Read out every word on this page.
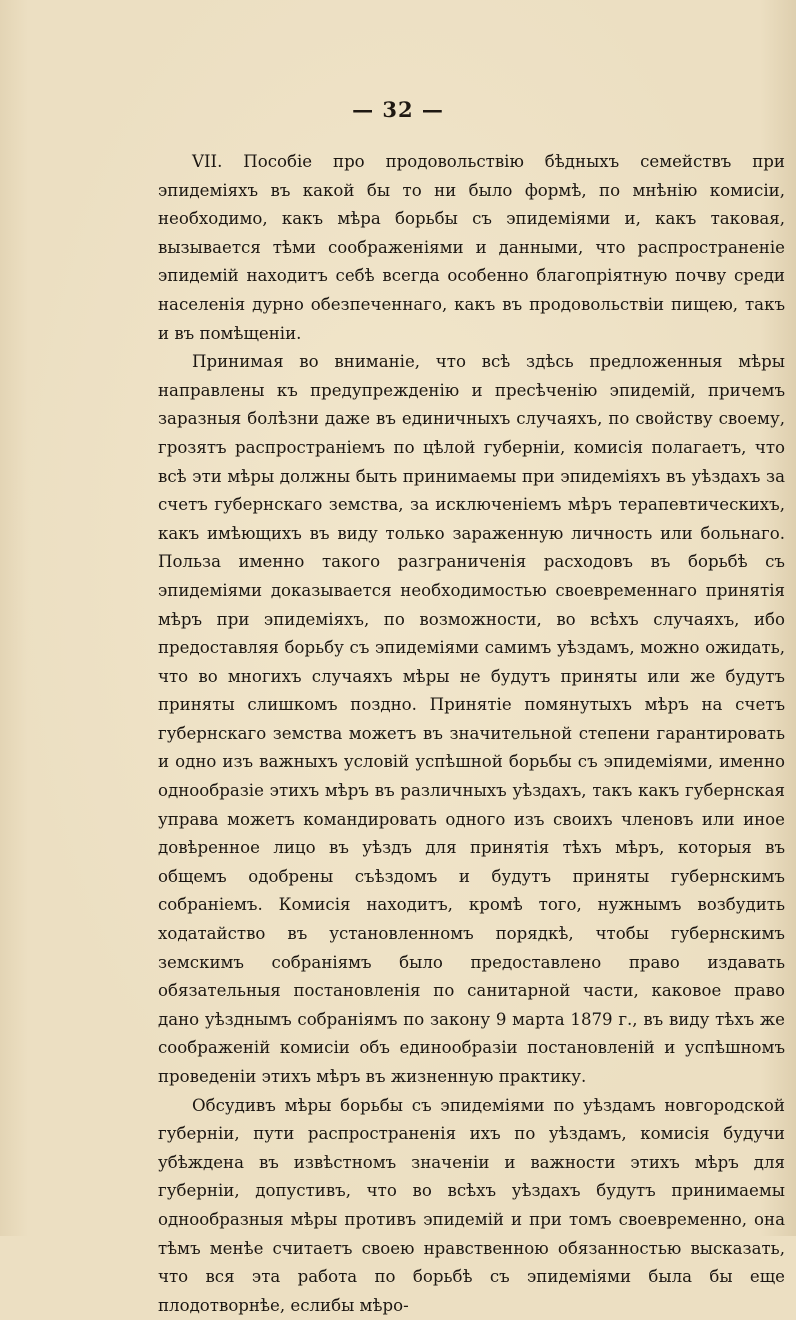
— 32 —

VII. Пособіе про продовольствію бѣдныхъ семействъ при эпидеміяхъ въ какой бы то ни было формѣ, по мнѣнію комисіи, необходимо, какъ мѣра борьбы съ эпидеміями и, какъ таковая, вызывается тѣми соображеніями и данными, что распространеніе эпидемій находитъ себѣ всегда особенно благопріятную почву среди населенія дурно обезпеченнаго, какъ въ продовольствіи пищею, такъ и въ помѣщеніи.

Принимая во вниманіе, что всѣ здѣсь предложенныя мѣры направлены къ предупрежденію и пресѣченію эпидемій, причемъ заразныя болѣзни даже въ единичныхъ случаяхъ, по свойству своему, грозятъ распространіемъ по цѣлой губерніи, комисія полагаетъ, что всѣ эти мѣры должны быть принимаемы при эпидеміяхъ въ уѣздахъ за счетъ губернскаго земства, за исключеніемъ мѣръ терапевтическихъ, какъ имѣющихъ въ виду только зараженную личность или больнаго. Польза именно такого разграниченія расходовъ въ борьбѣ съ эпидеміями доказывается необходимостью своевременнаго принятія мѣръ при эпидеміяхъ, по возможности, во всѣхъ случаяхъ, ибо предоставляя борьбу съ эпидеміями самимъ уѣздамъ, можно ожидать, что во многихъ случаяхъ мѣры не будутъ приняты или же будутъ приняты слишкомъ поздно. Принятіе помянутыхъ мѣръ на счетъ губернскаго земства можетъ въ значительной степени гарантировать и одно изъ важныхъ условій успѣшной борьбы съ эпидеміями, именно однообразіе этихъ мѣръ въ различныхъ уѣздахъ, такъ какъ губернская управа можетъ командировать одного изъ своихъ членовъ или иное довѣренное лицо въ уѣздъ для принятія тѣхъ мѣръ, которыя въ общемъ одобрены съѣздомъ и будутъ приняты губернскимъ собраніемъ. Комисія находитъ, кромѣ того, нужнымъ возбудить ходатайство въ установленномъ порядкѣ, чтобы губернскимъ земскимъ собраніямъ было предоставлено право издавать обязательныя постановленія по санитарной части, каковое право дано уѣзднымъ собраніямъ по закону 9 марта 1879 г., въ виду тѣхъ же соображеній комисіи объ единообразіи постановленій и успѣшномъ проведеніи этихъ мѣръ въ жизненную практику.

Обсудивъ мѣры борьбы съ эпидеміями по уѣздамъ новгородской губерніи, пути распространенія ихъ по уѣздамъ, комисія будучи убѣждена въ извѣстномъ значеніи и важности этихъ мѣръ для губерніи, допустивъ, что во всѣхъ уѣздахъ будутъ принимаемы однообразныя мѣры противъ эпидемій и при томъ своевременно, она тѣмъ менѣе считаетъ своею нравственною обязанностью высказать, что вся эта работа по борьбѣ съ эпидеміями была бы еще плодотворнѣе, еслибы мѣро-
